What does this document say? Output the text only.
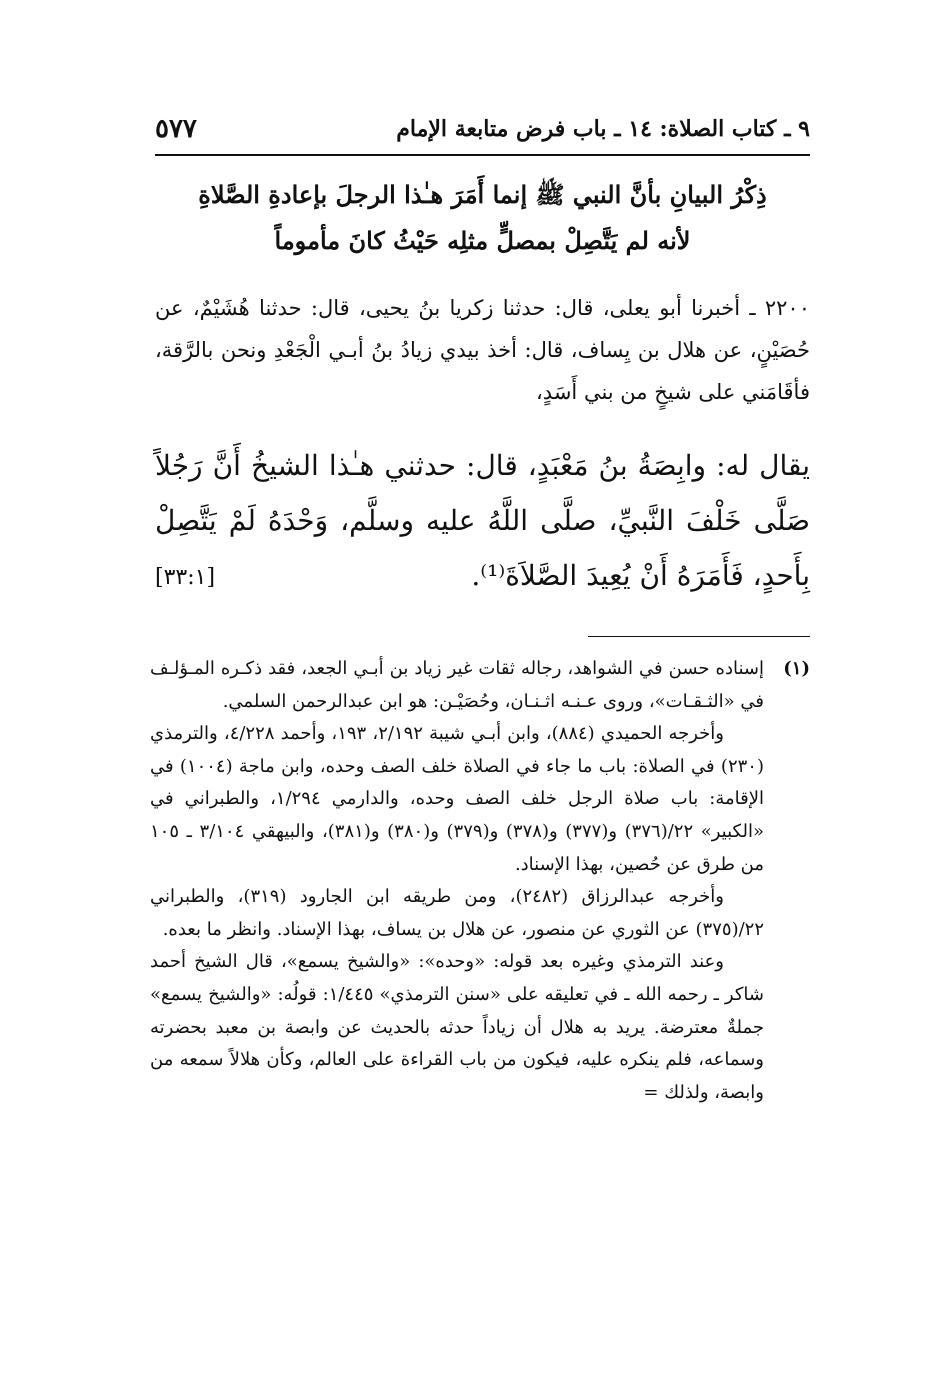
٩ ـ كتاب الصلاة: ١٤ ـ باب فرض متابعة الإمام
٥٧٧
ذِكْرُ البيانِ بأنَّ النبي ﷺ إنما أَمَرَ هـٰذا الرجلَ بإعادةِ الصَّلاةِ
لأنه لم يَتَّصِلْ بمصلٍّ مثلِه حَيْثُ كانَ مأموماً

٢٢٠٠ ـ أخبرنا أبو يعلى، قال: حدثنا زكريا بنُ يحيى، قال: حدثنا هُشَيْمٌ، عن حُصَيْنٍ، عن هلال بن يِساف، قال: أخذ بيدي زيادُ بنُ أبـي الْجَعْدِ ونحن بالرَّقة، فأقَامَني على شيخٍ من بني أَسَدٍ،

يقال له: وابِصَةُ بنُ مَعْبَدٍ، قال: حدثني هـٰذا الشيخُ أَنَّ رَجُلاً صَلَّى خَلْفَ النَّبيِّ، صلَّى اللَّهُ عليه وسلَّم، وَحْدَهُ لَمْ يَتَّصِلْ بِأَحدٍ، فَأَمَرَهُ أَنْ يُعِيدَ الصَّلاَةَ⁽¹⁾.
[٣٣:١]

(١)
إسناده حسن في الشواهد، رجاله ثقات غير زياد بن أبـي الجعد، فقد ذكـره المـؤلـف في «الثـقـات»، وروى عـنـه اثـنـان، وحُصَيْـن: هو ابن عبدالرحمن السلمي.

وأخرجه الحميدي (٨٨٤)، وابن أبـي شيبة ٢/١٩٢، ١٩٣، وأحمد ٤/٢٢٨، والترمذي (٢٣٠) في الصلاة: باب ما جاء في الصلاة خلف الصف وحده، وابن ماجة (١٠٠٤) في الإقامة: باب صلاة الرجل خلف الصف وحده، والدارمي ١/٢٩٤، والطبراني في «الكبير» ٢٢/(٣٧٦) و(٣٧٧) و(٣٧٨) و(٣٧٩) و(٣٨٠) و(٣٨١)، والبيهقي ٣/١٠٤ ـ ١٠٥ من طرق عن حُصين، بهذا الإسناد.

وأخرجه عبدالرزاق (٢٤٨٢)، ومن طريقه ابن الجارود (٣١٩)، والطبراني ٢٢/(٣٧٥) عن الثوري عن منصور، عن هلال بن يساف، بهذا الإسناد. وانظر ما بعده.

وعند الترمذي وغيره بعد قوله: «وحده»: «والشيخ يسمع»، قال الشيخ أحمد شاكر ـ رحمه الله ـ في تعليقه على «سنن الترمذي» ١/٤٤٥: قولُه: «والشيخ يسمع» جملةٌ معترضة. يريد به هلال أن زياداً حدثه بالحديث عن وابصة بن معبد بحضرته وسماعه، فلم ينكره عليه، فيكون من باب القراءة على العالم، وكأن هلالاً سمعه من وابصة، ولذلك =
